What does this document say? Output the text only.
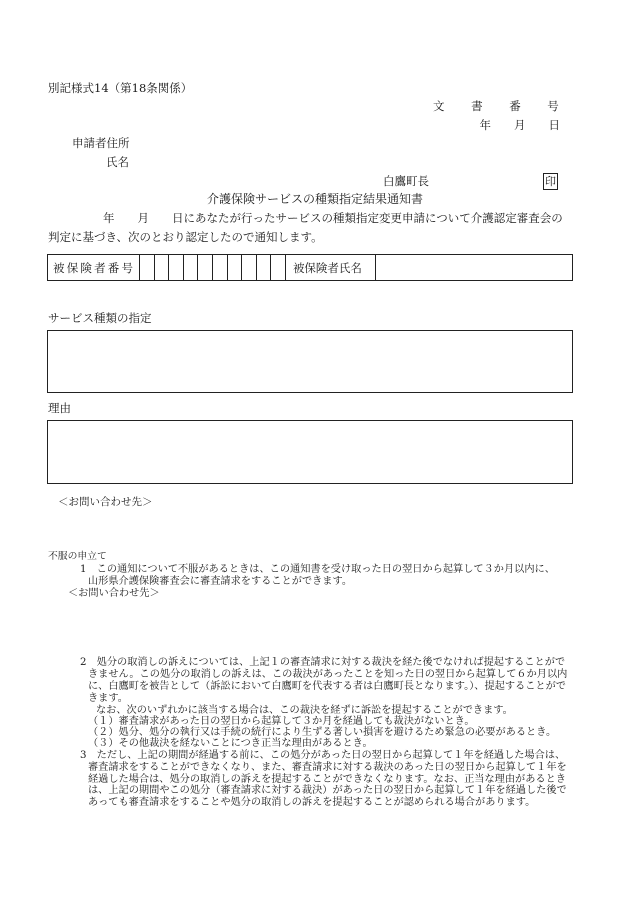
別記様式14（第18条関係）
文　　書　　番　　号
年　　月　　日
申請者住所
氏名
白鷹町長	印
介護保険サービスの種類指定結果通知書
年　　月　　日にあなたが行ったサービスの種類指定変更申請について介護認定審査会の
判定に基づき、次のとおり認定したので通知します。
被保険者番号	被保険者氏名
サービス種類の指定
理由
＜お問い合わせ先＞
不服の申立て
1　この通知について不服があるときは、この通知書を受け取った日の翌日から起算して３か月以内に、
山形県介護保険審査会に審査請求をすることができます。
＜お問い合わせ先＞
2　処分の取消しの訴えについては、上記１の審査請求に対する裁決を経た後でなければ提起することがで
きません。この処分の取消しの訴えは、この裁決があったことを知った日の翌日から起算して６か月以内
に、白鷹町を被告として（訴訟において白鷹町を代表する者は白鷹町長となります。）、提起することがで
きます。
なお、次のいずれかに該当する場合は、この裁決を経ずに訴訟を提起することができます。
（１）審査請求があった日の翌日から起算して３か月を経過しても裁決がないとき。
（２）処分、処分の執行又は手続の続行により生ずる著しい損害を避けるため緊急の必要があるとき。
（３）その他裁決を経ないことにつき正当な理由があるとき。
3　ただし、上記の期間が経過する前に、この処分があった日の翌日から起算して１年を経過した場合は、
審査請求をすることができなくなり、また、審査請求に対する裁決のあった日の翌日から起算して１年を
経過した場合は、処分の取消しの訴えを提起することができなくなります。なお、正当な理由があるとき
は、上記の期間やこの処分（審査請求に対する裁決）があった日の翌日から起算して１年を経過した後で
あっても審査請求をすることや処分の取消しの訴えを提起することが認められる場合があります。
